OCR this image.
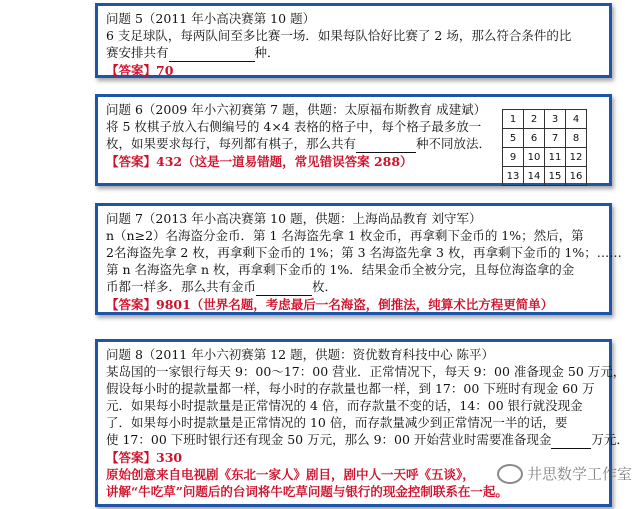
问题 5（2011 年小高决赛第 10 题）
6 支足球队，每两队间至多比赛一场．如果每队恰好比赛了 2 场，那么符合条件的比
赛安排共有	种．
【答案】70
问题 6（2009 年小六初赛第 7 题，供题：太原福布斯教育 成建斌）
将 5 枚棋子放入右侧编号的 4×4 表格的格子中，每个格子最多放一
枚，如果要求每行，每列都有棋子，那么共有	种不同放法．
【答案】432（这是一道易错题，常见错误答案 288）
1	2	3	4
5	6	7	8
9	10	11	12
13	14	15	16
问题 7（2013 年小高决赛第 10 题，供题：上海尚品教育 刘守军）
n（n≥2）名海盗分金币．第 1 名海盗先拿 1 枚金币，再拿剩下金币的 1%；然后，第
2名海盗先拿 2 枚，再拿剩下金币的 1%；第 3 名海盗先拿 3 枚，再拿剩下金币的 1%；……
第 n 名海盗先拿 n 枚，再拿剩下金币的 1%．结果金币全被分完，且每位海盗拿的金
币都一样多．那么共有金币	枚．
【答案】9801（世界名题，考虑最后一名海盗，倒推法，纯算术比方程更简单）
问题 8（2011 年小六初赛第 12 题，供题：资优数育科技中心 陈平）
某岛国的一家银行每天 9：00～17：00 营业．正常情况下，每天 9：00 准备现金 50 万元，
假设每小时的提款量都一样，每小时的存款量也都一样，到 17：00 下班时有现金 60 万
元．如果每小时提款量是正常情况的 4 倍，而存款量不变的话，14：00 银行就没现金
了．如果每小时提款量是正常情况的 10 倍，而存款量减少到正常情况一半的话，要
使 17：00 下班时银行还有现金 50 万元，那么 9：00 开始营业时需要准备现金	万元．
【答案】330
原始创意来自电视剧《东北一家人》剧目，剧中人一天呼《五谈》，
讲解“牛吃草”问题后的台词将牛吃草问题与银行的现金控制联系在一起。
井思数学工作室
